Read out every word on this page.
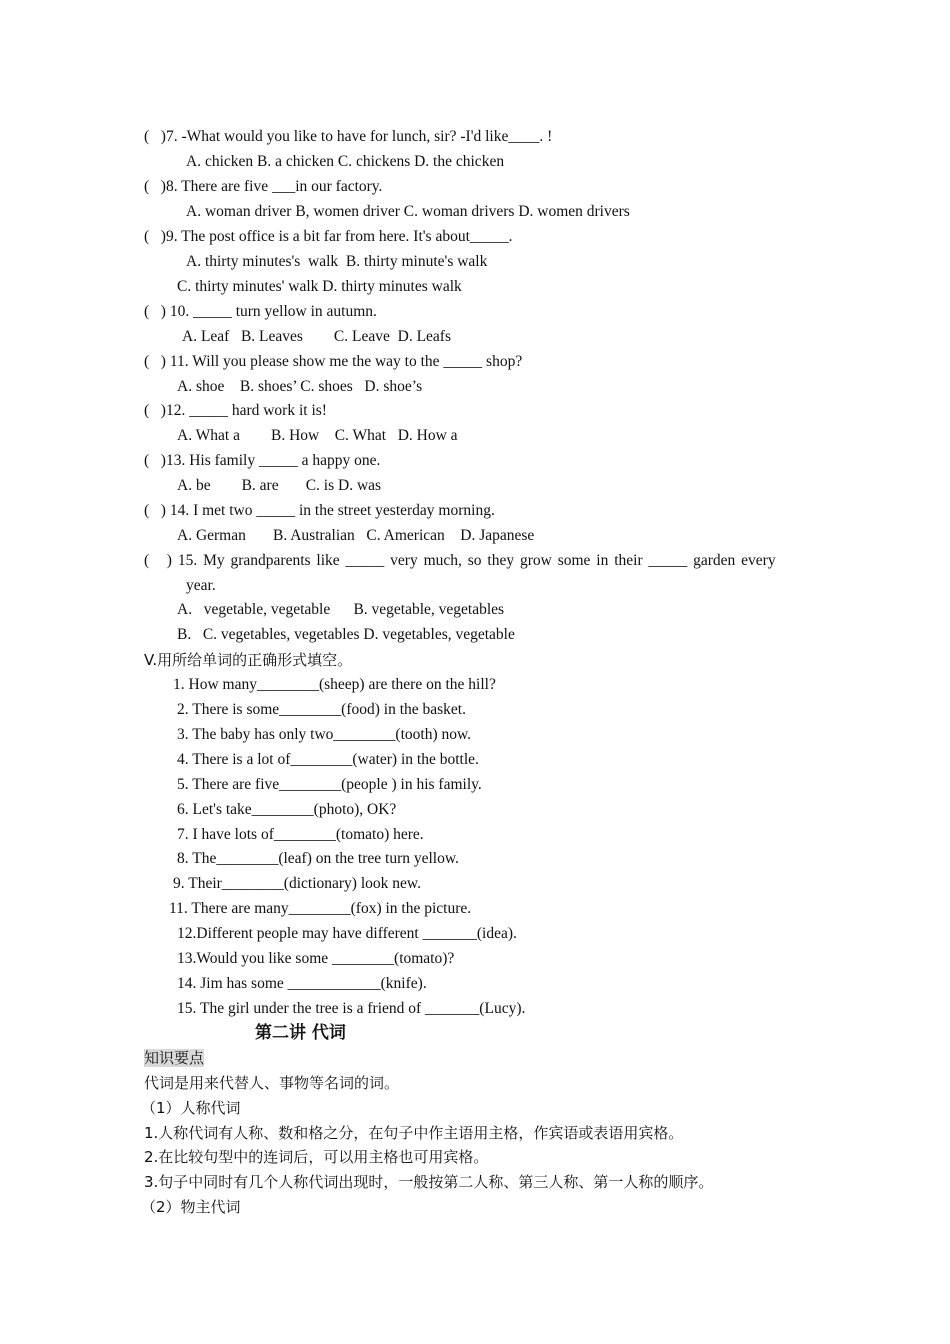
(   )7. -What would you like to have for lunch, sir? -I'd like____. !
A. chicken B. a chicken C. chickens D. the chicken
(   )8. There are five ___in our factory.
A. woman driver B, women driver C. woman drivers D. women drivers
(   )9. The post office is a bit far from here. It's about_____.
A. thirty minutes's  walk  B. thirty minute's walk
C. thirty minutes' walk D. thirty minutes walk
(   ) 10. _____ turn yellow in autumn.
A. Leaf   B. Leaves        C. Leave  D. Leafs
(   ) 11. Will you please show me the way to the _____ shop?
A. shoe    B. shoes’ C. shoes   D. shoe’s
(   )12. _____ hard work it is!
A. What a        B. How    C. What   D. How a
(   )13. His family _____ a happy one.
A. be        B. are       C. is D. was
(   ) 14. I met two _____ in the street yesterday morning.
A. German       B. Australian   C. American    D. Japanese
(   ) 15. My grandparents like _____ very much, so they grow some in their _____ garden every
year.
A.   vegetable, vegetable      B. vegetable, vegetables
B.   C. vegetables, vegetables D. vegetables, vegetable
V.用所给单词的正确形式填空。
1. How many________(sheep) are there on the hill?
2. There is some________(food) in the basket.
3. The baby has only two________(tooth) now.
4. There is a lot of________(water) in the bottle.
5. There are five________(people ) in his family.
6. Let's take________(photo), OK?
7. I have lots of________(tomato) here.
8. The________(leaf) on the tree turn yellow.
9. Their________(dictionary) look new.
11. There are many________(fox) in the picture.
12.Different people may have different _______(idea).
13.Would you like some ________(tomato)?
14. Jim has some ____________(knife).
15. The girl under the tree is a friend of _______(Lucy).
第二讲 代词
知识要点
代词是用来代替人、事物等名词的词。
（1）人称代词
1.人称代词有人称、数和格之分，在句子中作主语用主格，作宾语或表语用宾格。
2.在比较句型中的连词后，可以用主格也可用宾格。
3.句子中同时有几个人称代词出现时，一般按第二人称、第三人称、第一人称的顺序。
（2）物主代词
